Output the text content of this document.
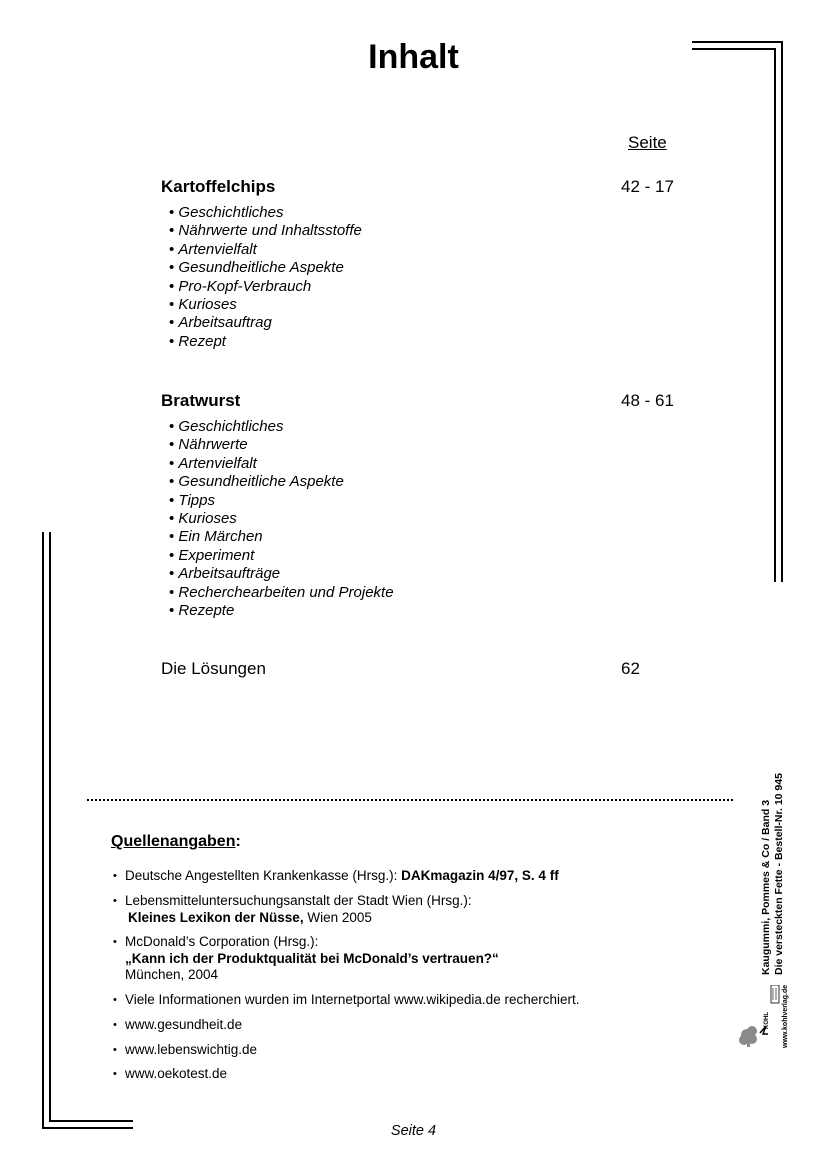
Inhalt
Seite
Kartoffelchips	42 - 17
• Geschichtliches
• Nährwerte und Inhaltsstoffe
• Artenvielfalt
• Gesundheitliche Aspekte
• Pro-Kopf-Verbrauch
• Kurioses
• Arbeitsauftrag
• Rezept
Bratwurst	48 - 61
• Geschichtliches
• Nährwerte
• Artenvielfalt
• Gesundheitliche Aspekte
• Tipps
• Kurioses
• Ein Märchen
• Experiment
• Arbeitsaufträge
• Recherchearbeiten und Projekte
• Rezepte
Die Lösungen	62
Quellenangaben:
• Deutsche Angestellten Krankenkasse (Hrsg.): DAKmagazin 4/97, S. 4 ff
• Lebensmitteluntersuchungsanstalt der Stadt Wien (Hrsg.):
Kleines Lexikon der Nüsse, Wien 2005
• McDonald’s Corporation (Hrsg.):
„Kann ich der Produktqualität bei McDonald’s vertrauen?“
München, 2004
• Viele Informationen wurden im Internetportal www.wikipedia.de recherchiert.
• www.gesundheit.de
• www.lebenswichtig.de
• www.oekotest.de
Kaugummi, Pommes & Co / Band 3 Die versteckten Fette - Bestell-Nr. 10 945
www.kohlverlag.de
KOHL
Seite 4
